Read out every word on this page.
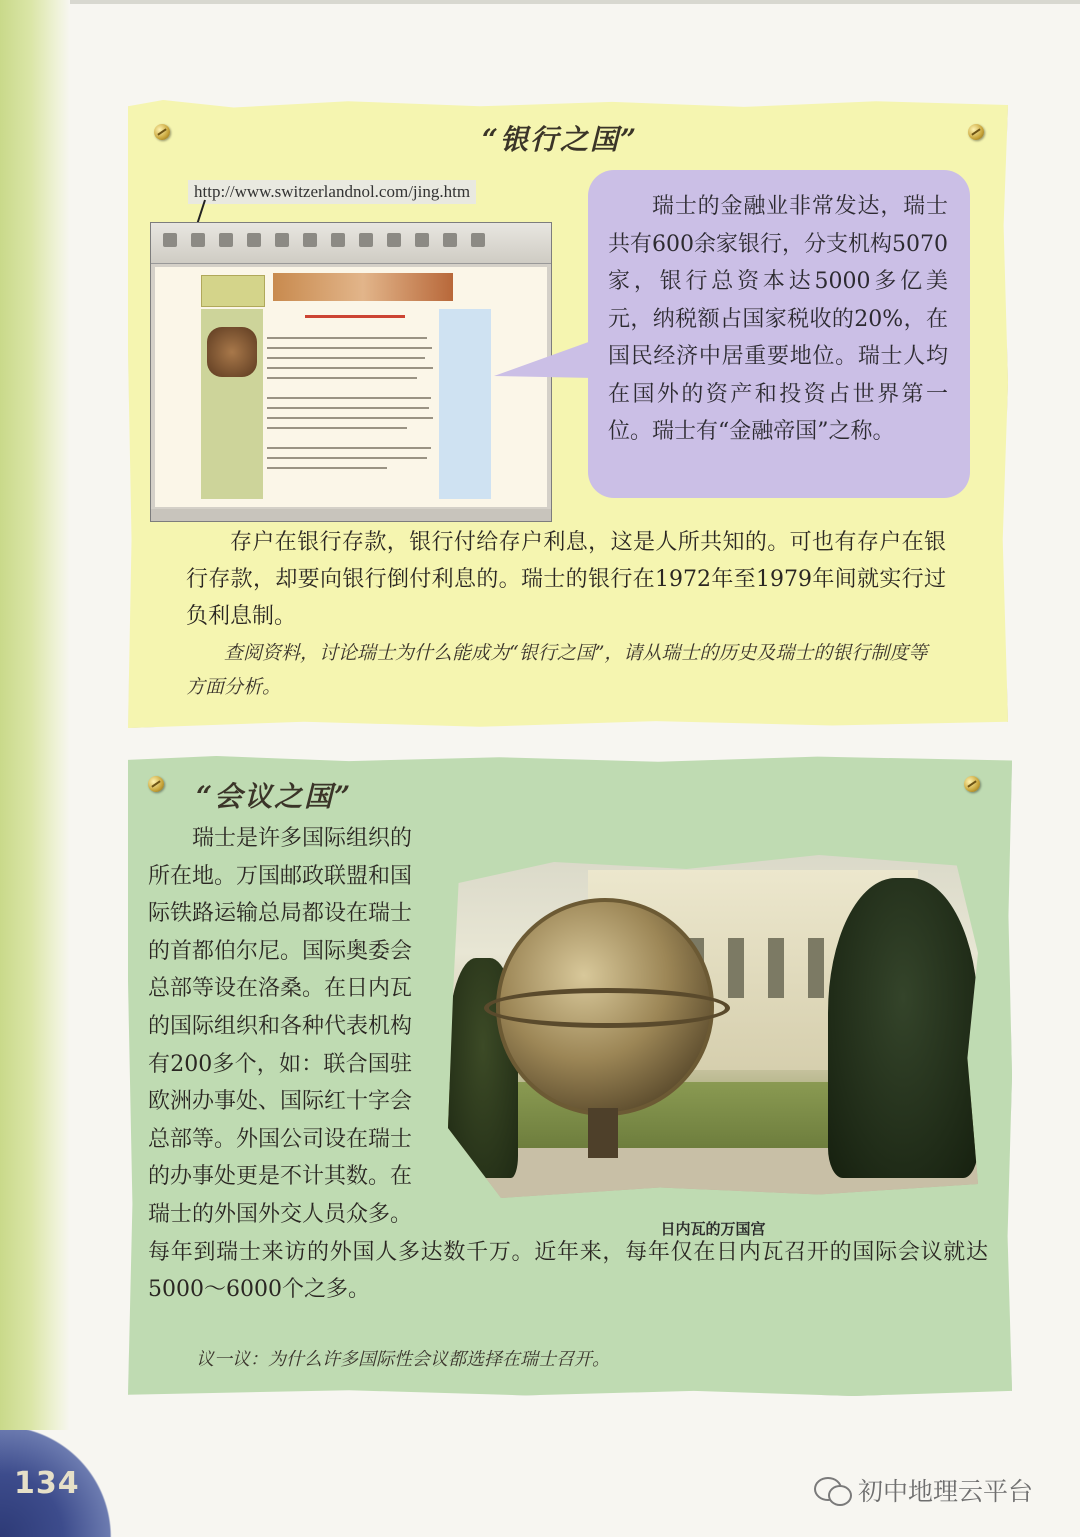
“银行之国”
http://www.switzerlandnol.com/jing.htm
瑞士的金融业非常发达，瑞士共有600余家银行，分支机构5070家，银行总资本达5000多亿美元，纳税额占国家税收的20%，在国民经济中居重要地位。瑞士人均在国外的资产和投资占世界第一位。瑞士有“金融帝国”之称。
存户在银行存款，银行付给存户利息，这是人所共知的。可也有存户在银行存款，却要向银行倒付利息的。瑞士的银行在1972年至1979年间就实行过负利息制。
查阅资料，讨论瑞士为什么能成为“银行之国”，请从瑞士的历史及瑞士的银行制度等方面分析。
“会议之国”

瑞士是许多国际组织的所在地。万国邮政联盟和国际铁路运输总局都设在瑞士的首都伯尔尼。国际奥委会总部等设在洛桑。在日内瓦的国际组织和各种代表机构有200多个，如：联合国驻欧洲办事处、国际红十字会总部等。外国公司设在瑞士的办事处更是不计其数。在瑞士的外国外交人员众多。每年到瑞士来访的外国人多达数千万。近年来，每年仅在日内瓦召开的国际会议就达5000～6000个之多。

日内瓦的万国宫
议一议：为什么许多国际性会议都选择在瑞士召开。
134	初中地理云平台
